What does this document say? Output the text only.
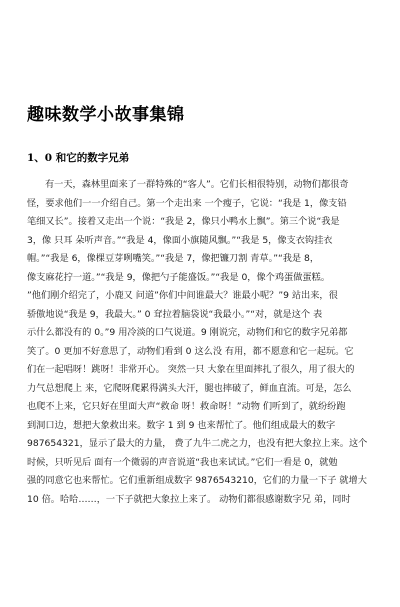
趣味数学小故事集锦
1、0 和它的数字兄弟
有一天，森林里面来了一群特殊的“客人”。它们长相很特别，动物们都很奇
怪，要求他们一一介绍自己。第一个走出来 一个瘦子，它说：“我是 1，像支铅
笔细又长”。接着又走出一个说：“我是 2，像只小鸭水上飘”。第三个说“我是
3，像 只耳 朵听声音。”“我是 4，像面小旗随风飘。”“我是 5，像支衣钩挂衣
帽。”“我是 6，像棵豆芽咧嘴笑。”“我是 7，像把镰刀割 青草。”“我是 8，
像支麻花拧一道。”“我是 9，像把勺子能盛饭。”“我是 0，像个鸡蛋做蛋糕。
”他们刚介绍完了，小鹿又 问道”你们中间谁最大？谁最小呢？”9 站出来，很
骄傲地说“我是 9，我最大。” 0 耷拉着脑袋说“我最小。”“对，就是这个 表
示什么都没有的 0。”9 用冷淡的口气说道。9 刚说完，动物们和它的数字兄弟都
笑了。0 更加不好意思了，动物们看到 0 这么没 有用，都不愿意和它一起玩。它
们在一起唱呀！跳呀！非常开心。 突然一只 大象在里面摔扎了很久，用了很大的
力气总想爬上 来，它爬呀爬累得满头大汗，腿也摔破了，鲜血直流。可是，怎么
也爬不上来，它只好在里面大声“救命 呀！救命呀！”动物 们听到了，就纷纷跑
到洞口边，想把大象救出来。数字 1 到 9 也来帮忙了。他们组成最大的数字
987654321，显示了最大的力量， 费了九牛二虎之力，也没有把大象拉上来。这个
时候，只听见后 面有一个微弱的声音说道“我也来试试。”它们一看是 0，就勉
强的同意它也来帮忙。它们重新组成数字 9876543210，它们的力量一下子 就增大
10 倍。哈哈……，一下子就把大象拉上来了。 动物们都很感谢数字兄 弟，同时
